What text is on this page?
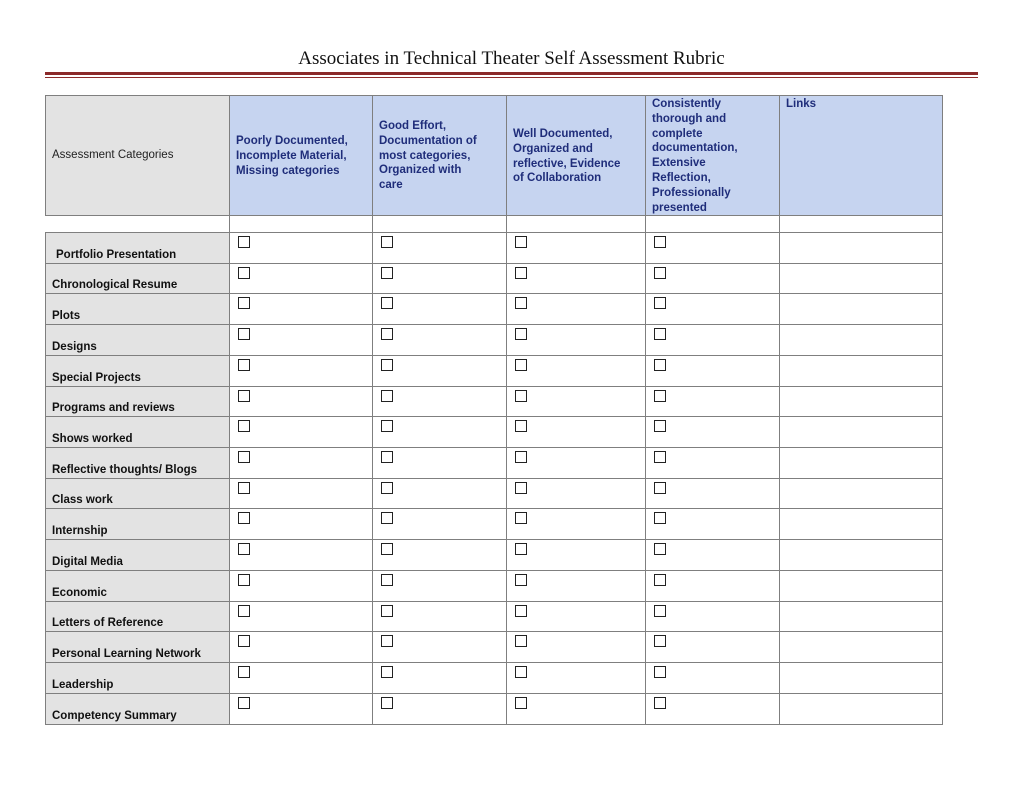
Associates in Technical Theater Self Assessment Rubric
Assessment Categories
Poorly Documented,
Incomplete Material,
Missing categories
Good Effort,
Documentation of
most categories,
Organized with
care
Well Documented,
Organized and
reflective, Evidence
of Collaboration
Consistently
thorough and
complete
documentation,
Extensive
Reflection,
Professionally
presented
Links
Portfolio Presentation
Chronological Resume
Plots
Designs
Special Projects
Programs and reviews
Shows worked
Reflective thoughts/ Blogs
Class work
Internship
Digital Media
Economic
Letters of Reference
Personal Learning Network
Leadership
Competency Summary
